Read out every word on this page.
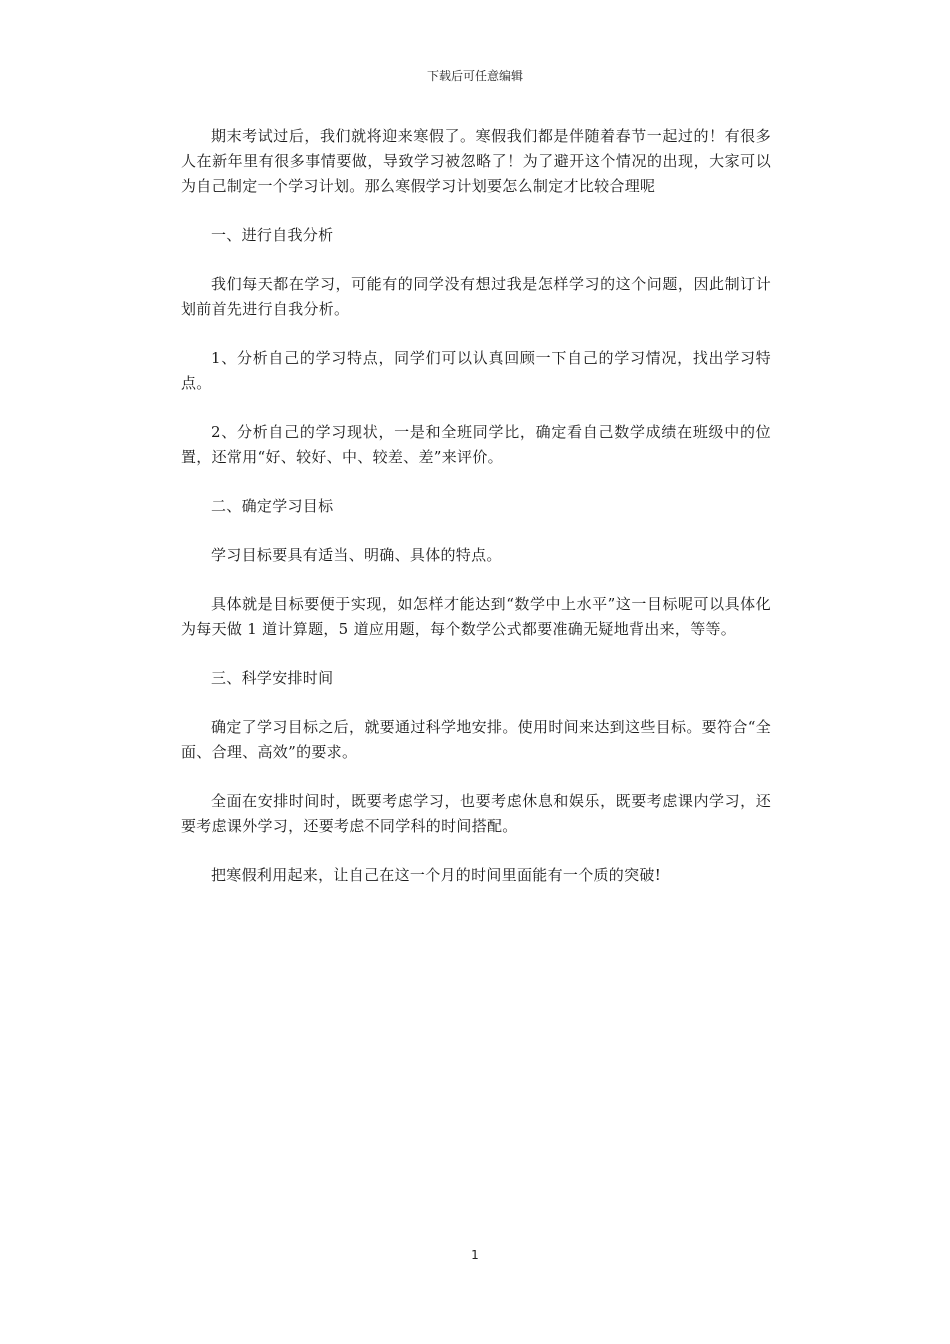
下载后可任意编辑

期末考试过后，我们就将迎来寒假了。寒假我们都是伴随着春节一起过的！有很多人在新年里有很多事情要做，导致学习被忽略了！为了避开这个情况的出现，大家可以为自己制定一个学习计划。那么寒假学习计划要怎么制定才比较合理呢

一、进行自我分析

我们每天都在学习，可能有的同学没有想过我是怎样学习的这个问题，因此制订计划前首先进行自我分析。

1、分析自己的学习特点，同学们可以认真回顾一下自己的学习情况，找出学习特点。

2、分析自己的学习现状，一是和全班同学比，确定看自己数学成绩在班级中的位置，还常用“好、较好、中、较差、差”来评价。

二、确定学习目标

学习目标要具有适当、明确、具体的特点。

具体就是目标要便于实现，如怎样才能达到“数学中上水平”这一目标呢可以具体化为每天做 1 道计算题，5 道应用题，每个数学公式都要准确无疑地背出来，等等。

三、科学安排时间

确定了学习目标之后，就要通过科学地安排。使用时间来达到这些目标。要符合“全面、合理、高效”的要求。

全面在安排时间时，既要考虑学习，也要考虑休息和娱乐，既要考虑课内学习，还要考虑课外学习，还要考虑不同学科的时间搭配。

把寒假利用起来，让自己在这一个月的时间里面能有一个质的突破!

1
